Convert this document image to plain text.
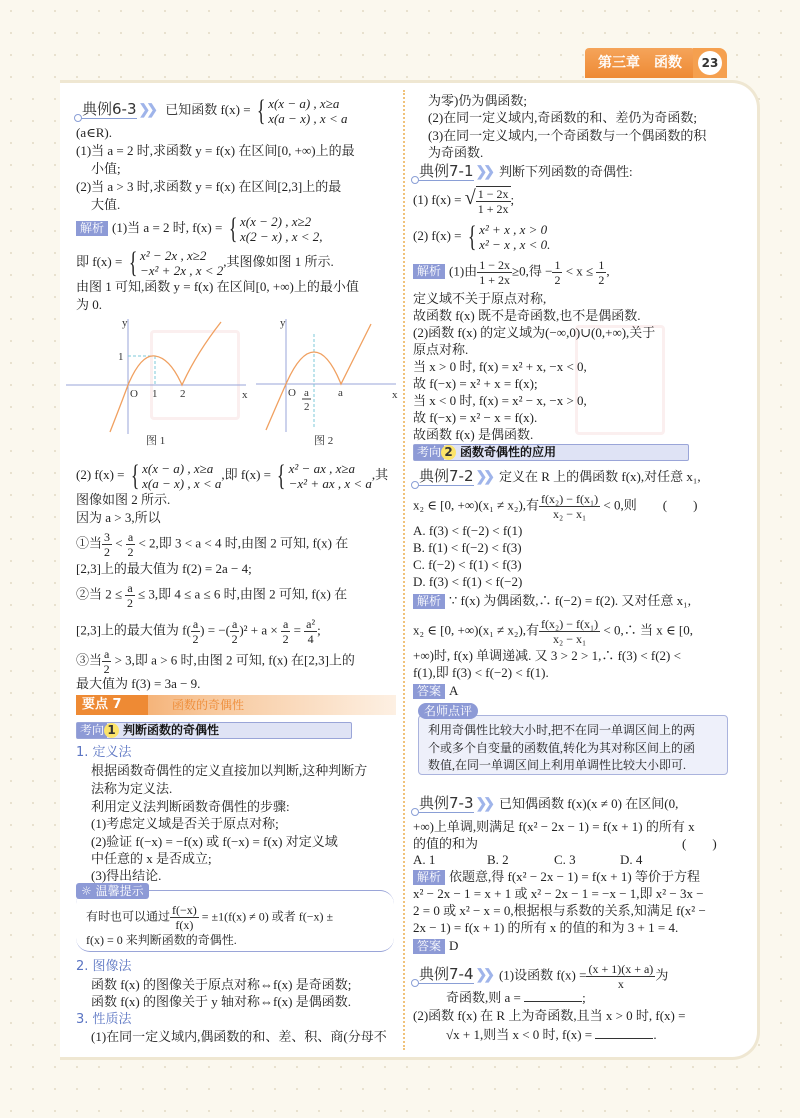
第三章　函数	23
典例6-3 ❯❯ 已知函数 f(x) = { x(x − a) , x≥a
x(a − x) , x < a
(a∈R).
(1)当 a = 2 时,求函数 y = f(x) 在区间[0, +∞)上的最
小值;
(2)当 a > 3 时,求函数 y = f(x) 在区间[2,3]上的最
大值.
解析 (1)当 a = 2 时, f(x) = { x(x − 2) , x≥2
x(2 − x) , x < 2,
即 f(x) = { x² − 2x , x≥2
−x² + 2x , x < 2
,其图像如图 1 所示.
由图 1 可知,函数 y = f(x) 在区间[0, +∞)上的最小值
为 0.
y
x
O 1 2
1
图 1
y
x
O	a
a
2
图 2
(2) f(x) = { x(x − a) , x≥a
x(a − x) , x < a
,即 f(x) = { x² − ax , x≥a
−x² + ax , x < a
,其
图像如图 2 所示.
因为 a > 3,所以
①当 $\frac{3}{2} < \frac{a}{2} < 2$,即 3 < a < 4 时,由图 2 可知, f(x) 在
[2,3]上的最大值为 f(2) = 2a − 4;
②当 $2 \le \frac{a}{2} \le 3$,即 4 ≤ a ≤ 6 时,由图 2 可知, f(x) 在
[2,3]上的最大值为 $f( \frac{a}{2}$ ) = −( $\frac{a}{2} )^2 + a \times \frac{a}{2} = \frac{\text{a²}}{4}$ ;
③当 $\frac{a}{2} > 3$,即 a > 6 时,由图 2 可知, f(x) 在[2,3]上的
最大值为 f(3) = 3a − 9.
要点 7	函数的奇偶性
考向 1 判断函数的奇偶性
1. 定义法
根据函数奇偶性的定义直接加以判断,这种判断方
法称为定义法.
利用定义法判断函数奇偶性的步骤:
(1)考虑定义域是否关于原点对称;
(2)验证 f(−x) = −f(x) 或 f(−x) = f(x) 对定义域
中任意的 x 是否成立;
(3)得出结论.
☼ 温馨提示
有时也可以通过 $\frac{f(-x)}{f(x)} = \pm 1(f(x) \ne 0)$ 或者 f(−x) ±
f(x) = 0 来判断函数的奇偶性.
2. 图像法
函数 f(x) 的图像关于原点对称⇔f(x) 是奇函数;
函数 f(x) 的图像关于 y 轴对称⇔f(x) 是偶函数.
3. 性质法
(1)在同一定义域内,偶函数的和、差、积、商(分母不
为零)仍为偶函数;
(2)在同一定义域内,奇函数的和、差仍为奇函数;
(3)在同一定义域内,一个奇函数与一个偶函数的积
为奇函数.
典例7-1 ❯❯ 判断下列函数的奇偶性:
(1) f(x) = √ $\frac{1 - 2x}{1 + 2x}$ ;
(2) f(x) = { x² + x , x > 0
x² − x , x < 0.
解析 (1)由 $\frac{1 - 2x}{1 + 2x} \ge 0$,得 − $\frac{1}{2} < x \le \frac{1}{2}$ ,
定义域不关于原点对称,
故函数 f(x) 既不是奇函数,也不是偶函数.
(2)函数 f(x) 的定义域为(−∞,0)∪(0,+∞),关于
原点对称.
当 x > 0 时, f(x) = x² + x, −x < 0,
故 f(−x) = x² + x = f(x);
当 x < 0 时, f(x) = x² − x, −x > 0,
故 f(−x) = x² − x = f(x).
故函数 f(x) 是偶函数.
考向 2 函数奇偶性的应用
典例7-2 ❯❯ 定义在 R 上的偶函数 f(x),对任意 x₁,
x₂ ∈ [0, +∞)(x₁ ≠ x₂),有 $\frac{\text{f(x₂) − f(x₁)}}{\text{x₂ − x₁}} < 0$,则　　(　　)
A. f(3) < f(−2) < f(1)
B. f(1) < f(−2) < f(3)
C. f(−2) < f(1) < f(3)
D. f(3) < f(1) < f(−2)
解析 ∵ f(x) 为偶函数,∴ f(−2) = f(2). 又对任意 x₁,
x₂ ∈ [0, +∞)(x₁ ≠ x₂),有 $\frac{\text{f(x₂) − f(x₁)}}{\text{x₂ − x₁}}$ < 0,∴ 当 x ∈ [0,
+∞)时, f(x) 单调递减. 又 3 > 2 > 1,∴ f(3) < f(2) <
f(1),即 f(3) < f(−2) < f(1).
答案 A
名师点评
利用奇偶性比较大小时,把不在同一单调区间上的两
个或多个自变量的函数值,转化为其对称区间上的函
数值,在同一单调区间上利用单调性比较大小即可.
典例7-3 ❯❯ 已知偶函数 f(x)(x ≠ 0) 在区间(0,
+∞)上单调,则满足 f(x² − 2x − 1) = f(x + 1) 的所有 x
的值的和为	(　　)
A. 1	B. 2	C. 3	D. 4
解析 依题意,得 f(x² − 2x − 1) = f(x + 1) 等价于方程
x² − 2x − 1 = x + 1 或 x² − 2x − 1 = −x − 1,即 x² − 3x −
2 = 0 或 x² − x = 0,根据根与系数的关系,知满足 f(x² −
2x − 1) = f(x + 1) 的所有 x 的值的和为 3 + 1 = 4.
答案 D
典例7-4 ❯❯ (1)设函数 $f(x) = \frac{(x + 1)(x + a)}{x}$ 为
奇函数,则 a =	;
(2)函数 f(x) 在 R 上为奇函数,且当 x > 0 时, f(x) =
√x + 1,则当 x < 0 时, f(x) =	.
